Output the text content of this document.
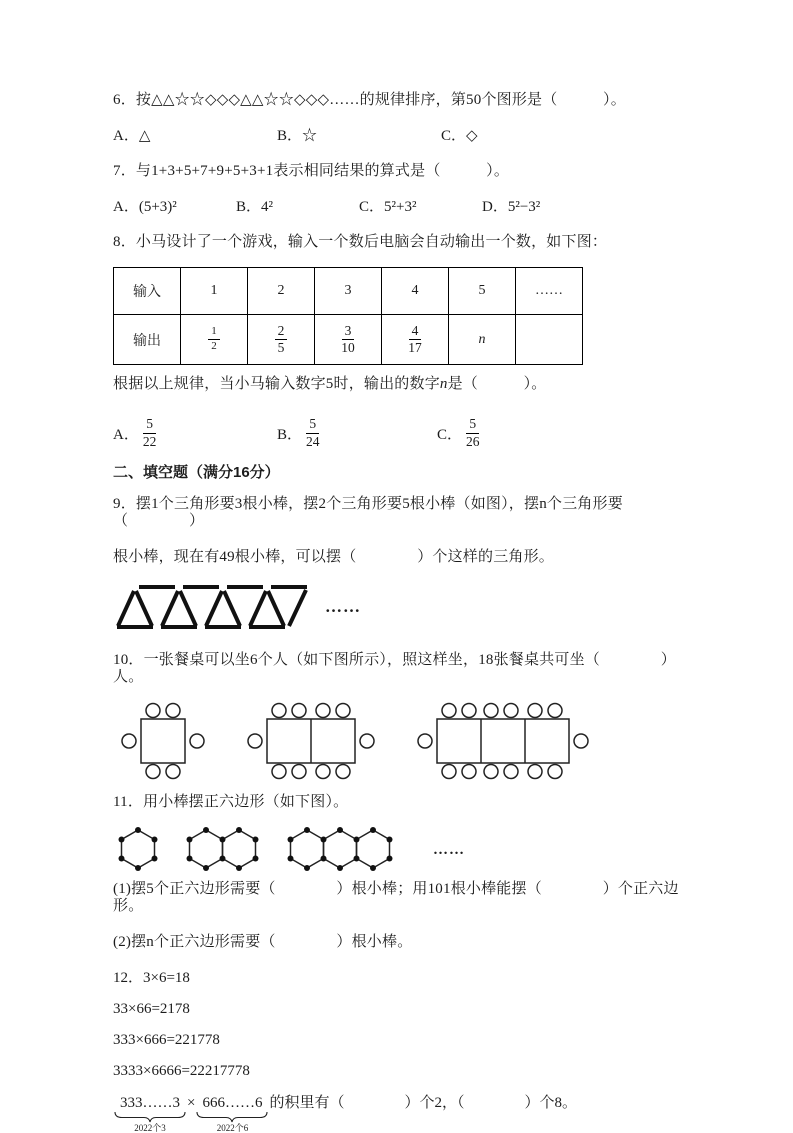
6．按△△☆☆◇◇◇△△☆☆◇◇◇……的规律排序，第50个图形是（　　　）。

A．△	B．☆	C．◇

7．与1+3+5+7+9+5+3+1表示相同结果的算式是（　　　）。

A．(5+3)²	B．4²	C．5²+3²	D．5²−3²

8．小马设计了一个游戏，输入一个数后电脑会自动输出一个数，如下图：

输入	1	2	3	4	5	……
输出	$\frac{1}{2}$	$\frac{2}{5}$	$\frac{3}{10}$	$\frac{4}{17}$	n	

根据以上规律，当小马输入数字5时，输出的数字n是（　　　）。

A． $\frac{5}{22}$	B． $\frac{5}{24}$	C． $\frac{5}{26}$

二、填空题（满分16分）

9．摆1个三角形要3根小棒，摆2个三角形要5根小棒（如图），摆n个三角形要（　　　　）

根小棒，现在有49根小棒，可以摆（　　　　）个这样的三角形。

……

10．一张餐桌可以坐6个人（如下图所示），照这样坐，18张餐桌共可坐（　　　　）人。

11．用小棒摆正六边形（如下图）。

……

(1)摆5个正六边形需要（　　　　）根小棒；用101根小棒能摆（　　　　）个正六边形。

(2)摆n个正六边形需要（　　　　）根小棒。

12．3×6=18

33×66=2178

333×666=221778

3333×6666=22217778

333……3
2022个3
× 666……6
2022个6
的积里有（　　　　）个2，（　　　　）个8。
